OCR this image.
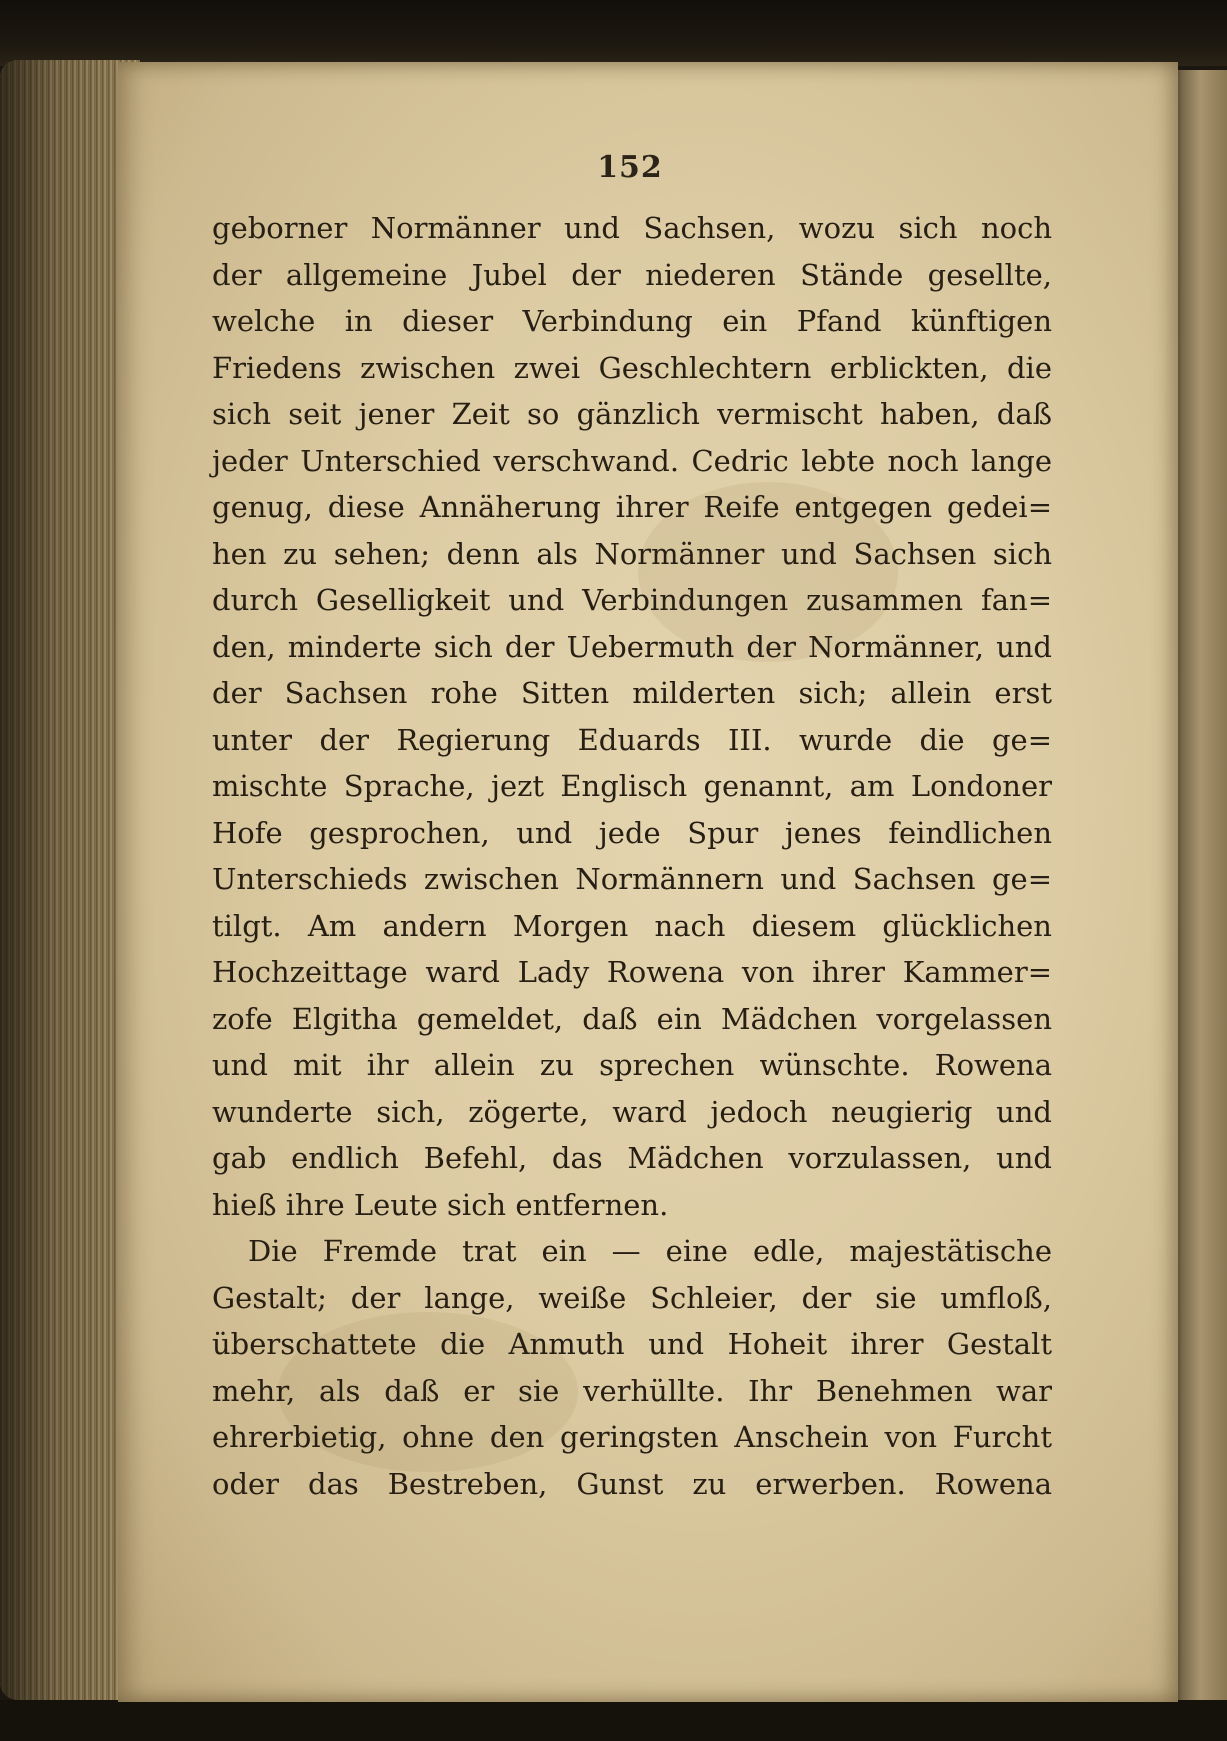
152
geborner Normänner und Sachsen, wozu sich noch
der allgemeine Jubel der niederen Stände gesellte,
welche in dieser Verbindung ein Pfand künftigen
Friedens zwischen zwei Geschlechtern erblickten, die
sich seit jener Zeit so gänzlich vermischt haben, daß
jeder Unterschied verschwand. Cedric lebte noch lange
genug, diese Annäherung ihrer Reife entgegen gedei=
hen zu sehen; denn als Normänner und Sachsen sich
durch Geselligkeit und Verbindungen zusammen fan=
den, minderte sich der Uebermuth der Normänner, und
der Sachsen rohe Sitten milderten sich; allein erst
unter der Regierung Eduards III. wurde die ge=
mischte Sprache, jezt Englisch genannt, am Londoner
Hofe gesprochen, und jede Spur jenes feindlichen
Unterschieds zwischen Normännern und Sachsen ge=
tilgt. Am andern Morgen nach diesem glücklichen
Hochzeittage ward Lady Rowena von ihrer Kammer=
zofe Elgitha gemeldet, daß ein Mädchen vorgelassen
und mit ihr allein zu sprechen wünschte. Rowena
wunderte sich, zögerte, ward jedoch neugierig und
gab endlich Befehl, das Mädchen vorzulassen, und
hieß ihre Leute sich entfernen.
Die Fremde trat ein — eine edle, majestätische
Gestalt; der lange, weiße Schleier, der sie umfloß,
überschattete die Anmuth und Hoheit ihrer Gestalt
mehr, als daß er sie verhüllte. Ihr Benehmen war
ehrerbietig, ohne den geringsten Anschein von Furcht
oder das Bestreben, Gunst zu erwerben. Rowena
